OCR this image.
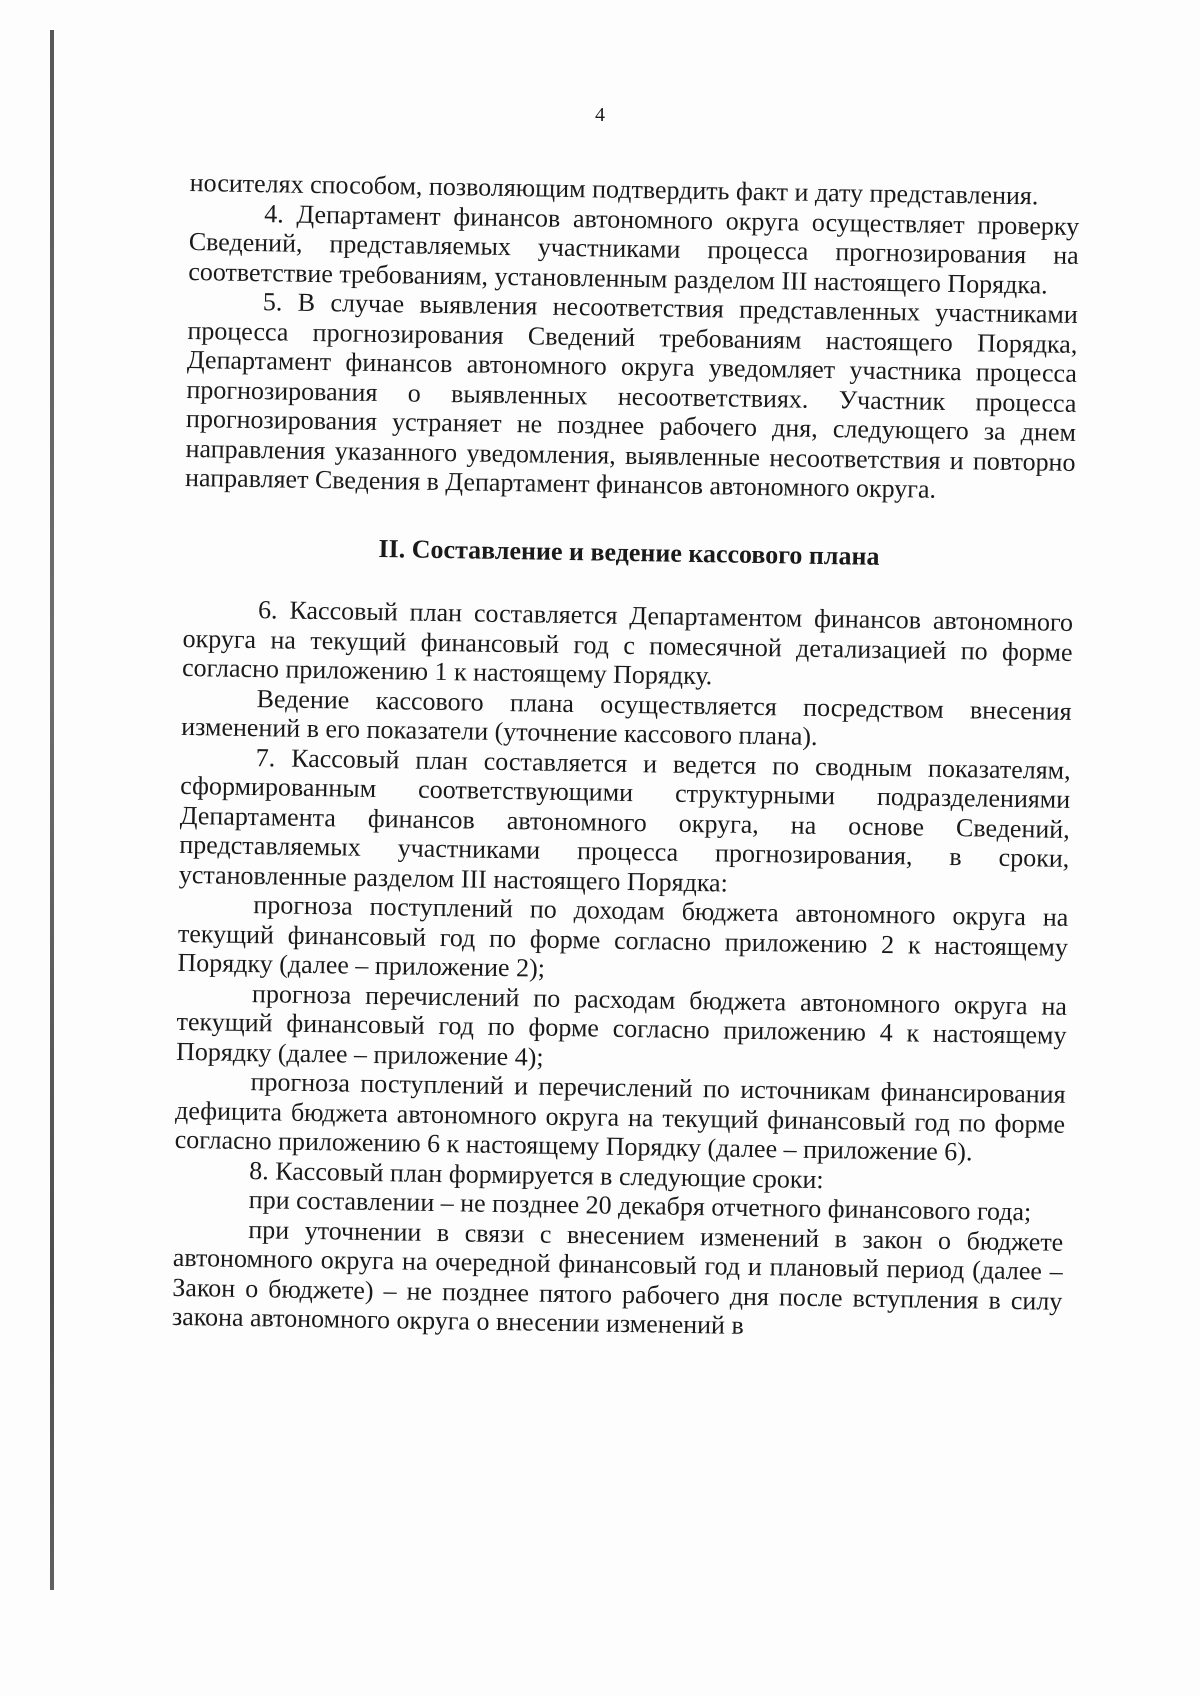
4

носителях способом, позволяющим подтвердить факт и дату представления.

4. Департамент финансов автономного округа осуществляет проверку Сведений, представляемых участниками процесса прогнозирования на соответствие требованиям, установленным разделом III настоящего Порядка.

5. В случае выявления несоответствия представленных участниками процесса прогнозирования Сведений требованиям настоящего Порядка, Департамент финансов автономного округа уведомляет участника процесса прогнозирования о выявленных несоответствиях. Участник процесса прогнозирования устраняет не позднее рабочего дня, следующего за днем направления указанного уведомления, выявленные несоответствия и повторно направляет Сведения в Департамент финансов автономного округа.

II. Составление и ведение кассового плана

6. Кассовый план составляется Департаментом финансов автономного округа на текущий финансовый год с помесячной детализацией по форме согласно приложению 1 к настоящему Порядку.

Ведение кассового плана осуществляется посредством внесения изменений в его показатели (уточнение кассового плана).

7. Кассовый план составляется и ведется по сводным показателям, сформированным соответствующими структурными подразделениями Департамента финансов автономного округа, на основе Сведений, представляемых участниками процесса прогнозирования, в сроки, установленные разделом III настоящего Порядка:

прогноза поступлений по доходам бюджета автономного округа на текущий финансовый год по форме согласно приложению 2 к настоящему Порядку (далее – приложение 2);

прогноза перечислений по расходам бюджета автономного округа на текущий финансовый год по форме согласно приложению 4 к настоящему Порядку (далее – приложение 4);

прогноза поступлений и перечислений по источникам финансирования дефицита бюджета автономного округа на текущий финансовый год по форме согласно приложению 6 к настоящему Порядку (далее – приложение 6).

8. Кассовый план формируется в следующие сроки:

при составлении – не позднее 20 декабря отчетного финансового года;

при уточнении в связи с внесением изменений в закон о бюджете автономного округа на очередной финансовый год и плановый период (далее – Закон о бюджете) – не позднее пятого рабочего дня после вступления в силу закона автономного округа о внесении изменений в
